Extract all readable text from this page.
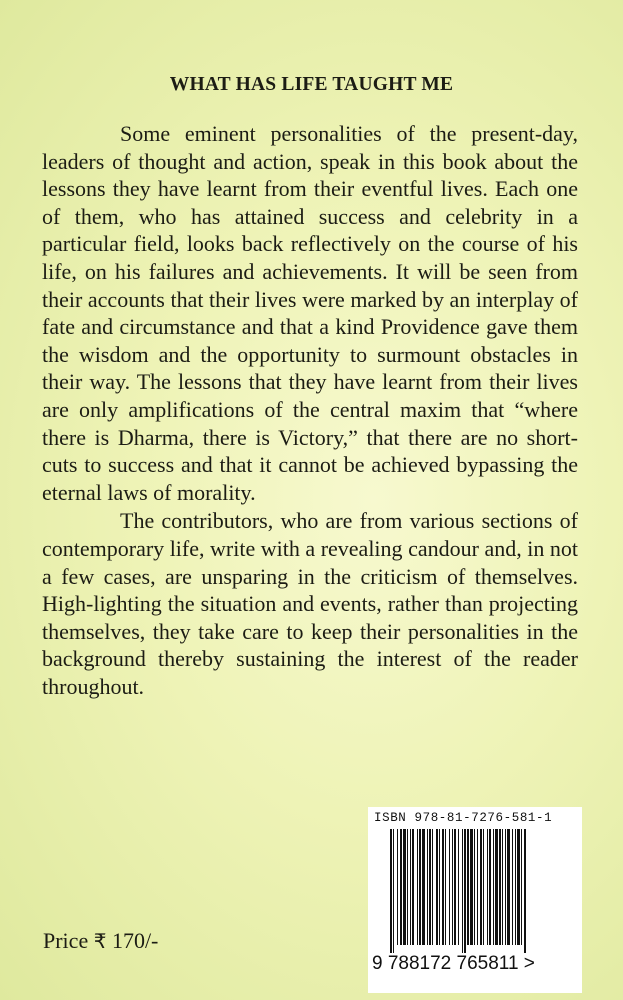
WHAT HAS LIFE TAUGHT ME

Some eminent personalities of the present-day, leaders of thought and action, speak in this book about the lessons they have learnt from their eventful lives. Each one of them, who has attained success and celebrity in a particular field, looks back reflectively on the course of his life, on his failures and achievements. It will be seen from their accounts that their lives were marked by an interplay of fate and circumstance and that a kind Providence gave them the wisdom and the opportunity to surmount obstacles in their way. The lessons that they have learnt from their lives are only amplifications of the central maxim that “where there is Dharma, there is Victory,” that there are no short-cuts to success and that it cannot be achieved bypassing the eternal laws of morality.

The contributors, who are from various sections of contemporary life, write with a revealing candour and, in not a few cases, are unsparing in the criticism of themselves. High-lighting the situation and events, rather than projecting themselves, they take care to keep their personalities in the background thereby sustaining the interest of the reader throughout.

Price ₹ 170/-
ISBN 978-81-7276-581-1
9 788172 765811 >
